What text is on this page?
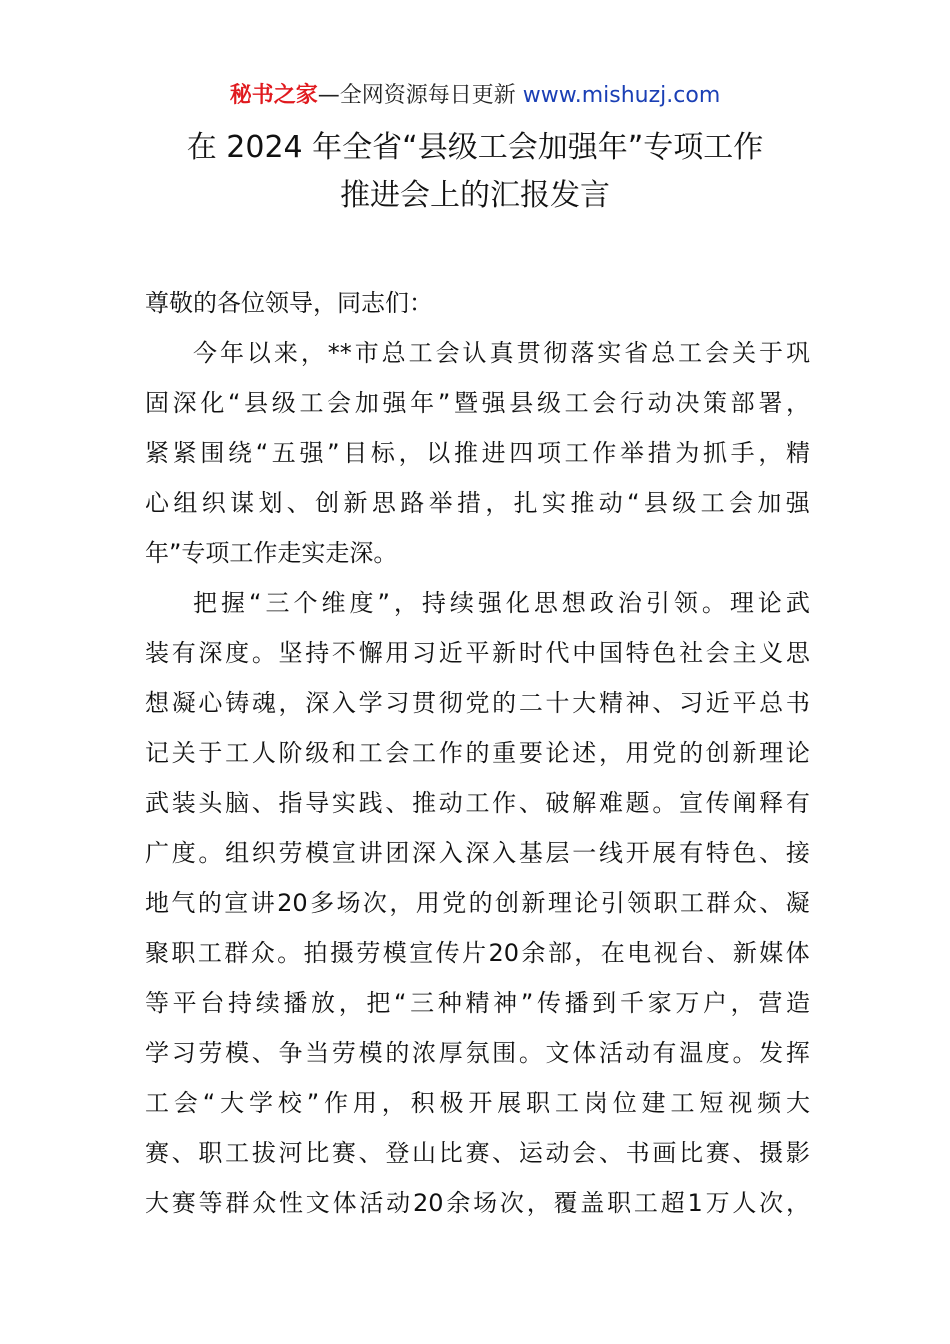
秘书之家—全网资源每日更新 www.mishuzj.com
在 2024 年全省“县级工会加强年”专项工作
推进会上的汇报发言
尊敬的各位领导，同志们：
今 年 以 来 ， ** 市 总 工 会 认 真 贯 彻 落 实 省 总 工 会 关 于 巩
固 深 化 “ 县 级 工 会 加 强 年 ” 暨 强 县 级 工 会 行 动 决 策 部 署 ，
紧 紧 围 绕 “ 五 强 ” 目 标 ， 以 推 进 四 项 工 作 举 措 为 抓 手 ， 精
心 组 织 谋 划 、 创 新 思 路 举 措 ， 扎 实 推 动 “ 县 级 工 会 加 强
年”专项工作走实走深。
把 握 “ 三 个 维 度 ” ， 持 续 强 化 思 想 政 治 引 领 。 理 论 武
装 有 深 度 。 坚 持 不 懈 用 习 近 平 新 时 代 中 国 特 色 社 会 主 义 思
想 凝 心 铸 魂 ， 深 入 学 习 贯 彻 党 的 二 十 大 精 神 、 习 近 平 总 书
记 关 于 工 人 阶 级 和 工 会 工 作 的 重 要 论 述 ， 用 党 的 创 新 理 论
武 装 头 脑 、 指 导 实 践 、 推 动 工 作 、 破 解 难 题 。 宣 传 阐 释 有
广 度 。 组 织 劳 模 宣 讲 团 深 入 深 入 基 层 一 线 开 展 有 特 色 、 接
地 气 的 宣 讲 20 多 场 次 ， 用 党 的 创 新 理 论 引 领 职 工 群 众 、 凝
聚 职 工 群 众 。 拍 摄 劳 模 宣 传 片 20 余 部 ， 在 电 视 台 、 新 媒 体
等 平 台 持 续 播 放 ， 把 “ 三 种 精 神 ” 传 播 到 千 家 万 户 ， 营 造
学 习 劳 模 、 争 当 劳 模 的 浓 厚 氛 围 。 文 体 活 动 有 温 度 。 发 挥
工 会 “ 大 学 校 ” 作 用 ， 积 极 开 展 职 工 岗 位 建 工 短 视 频 大
赛 、 职 工 拔 河 比 赛 、 登 山 比 赛 、 运 动 会 、 书 画 比 赛 、 摄 影
大 赛 等 群 众 性 文 体 活 动 20 余 场 次 ， 覆 盖 职 工 超 1 万 人 次 ，
